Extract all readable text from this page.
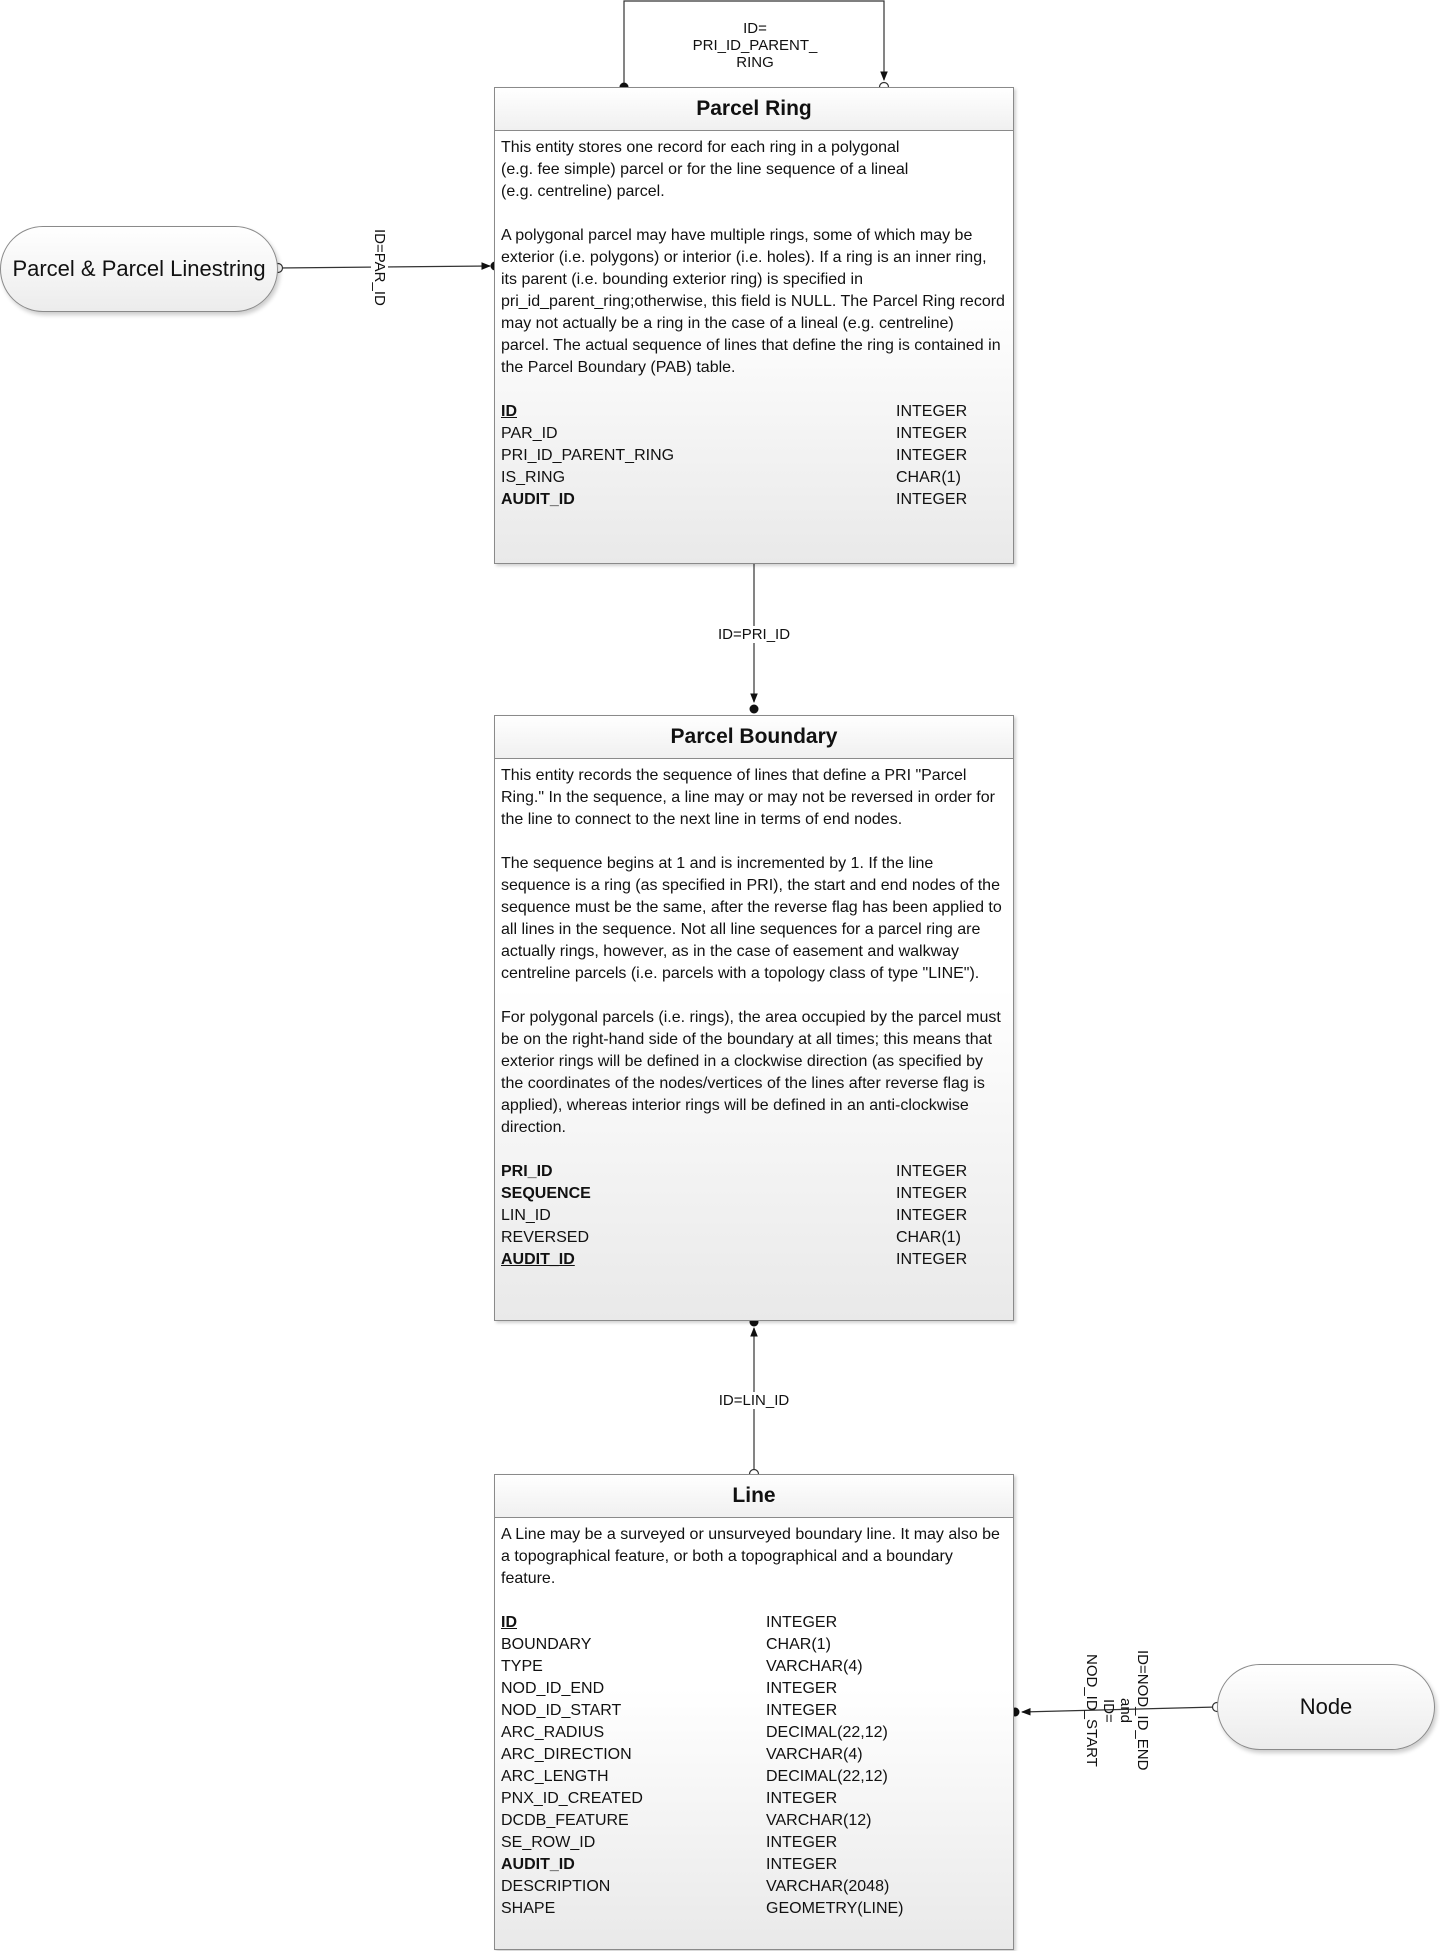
ID=
PRI_ID_PARENT_
RING
ID=PAR_ID
ID=PRI_ID
ID=LIN_ID
ID=NOD_ID_END
and
ID=
NOD_ID_START
Parcel & Parcel Linestring
Node
Parcel Ring

This entity stores one record for each ring in a polygonal (e.g. fee simple) parcel or for the line sequence of a lineal (e.g. centreline) parcel.

A polygonal parcel may have multiple rings, some of which may be exterior (i.e. polygons) or interior (i.e. holes). If a ring is an inner ring, its parent (i.e. bounding exterior ring) is specified in pri_id_parent_ring;otherwise, this field is NULL. The Parcel Ring record may not actually be a ring in the case of a lineal (e.g. centreline) parcel. The actual sequence of lines that define the ring is contained in the Parcel Boundary (PAB) table.

ID	INTEGER
PAR_ID	INTEGER
PRI_ID_PARENT_RING	INTEGER
IS_RING	CHAR(1)
AUDIT_ID	INTEGER
Parcel Boundary

This entity records the sequence of lines that define a PRI "Parcel Ring." In the sequence, a line may or may not be reversed in order for the line to connect to the next line in terms of end nodes.

The sequence begins at 1 and is incremented by 1. If the line sequence is a ring (as specified in PRI), the start and end nodes of the sequence must be the same, after the reverse flag has been applied to all lines in the sequence. Not all line sequences for a parcel ring are actually rings, however, as in the case of easement and walkway centreline parcels (i.e. parcels with a topology class of type "LINE").

For polygonal parcels (i.e. rings), the area occupied by the parcel must be on the right-hand side of the boundary at all times; this means that exterior rings will be defined in a clockwise direction (as specified by the coordinates of the nodes/vertices of the lines after reverse flag is applied), whereas interior rings will be defined in an anti-clockwise direction.

PRI_ID	INTEGER
SEQUENCE	INTEGER
LIN_ID	INTEGER
REVERSED	CHAR(1)
AUDIT_ID	INTEGER
Line

A Line may be a surveyed or unsurveyed boundary line. It may also be a topographical feature, or both a topographical and a boundary feature.

ID	INTEGER
BOUNDARY	CHAR(1)
TYPE	VARCHAR(4)
NOD_ID_END	INTEGER
NOD_ID_START	INTEGER
ARC_RADIUS	DECIMAL(22,12)
ARC_DIRECTION	VARCHAR(4)
ARC_LENGTH	DECIMAL(22,12)
PNX_ID_CREATED	INTEGER
DCDB_FEATURE	VARCHAR(12)
SE_ROW_ID	INTEGER
AUDIT_ID	INTEGER
DESCRIPTION	VARCHAR(2048)
SHAPE	GEOMETRY(LINE)
